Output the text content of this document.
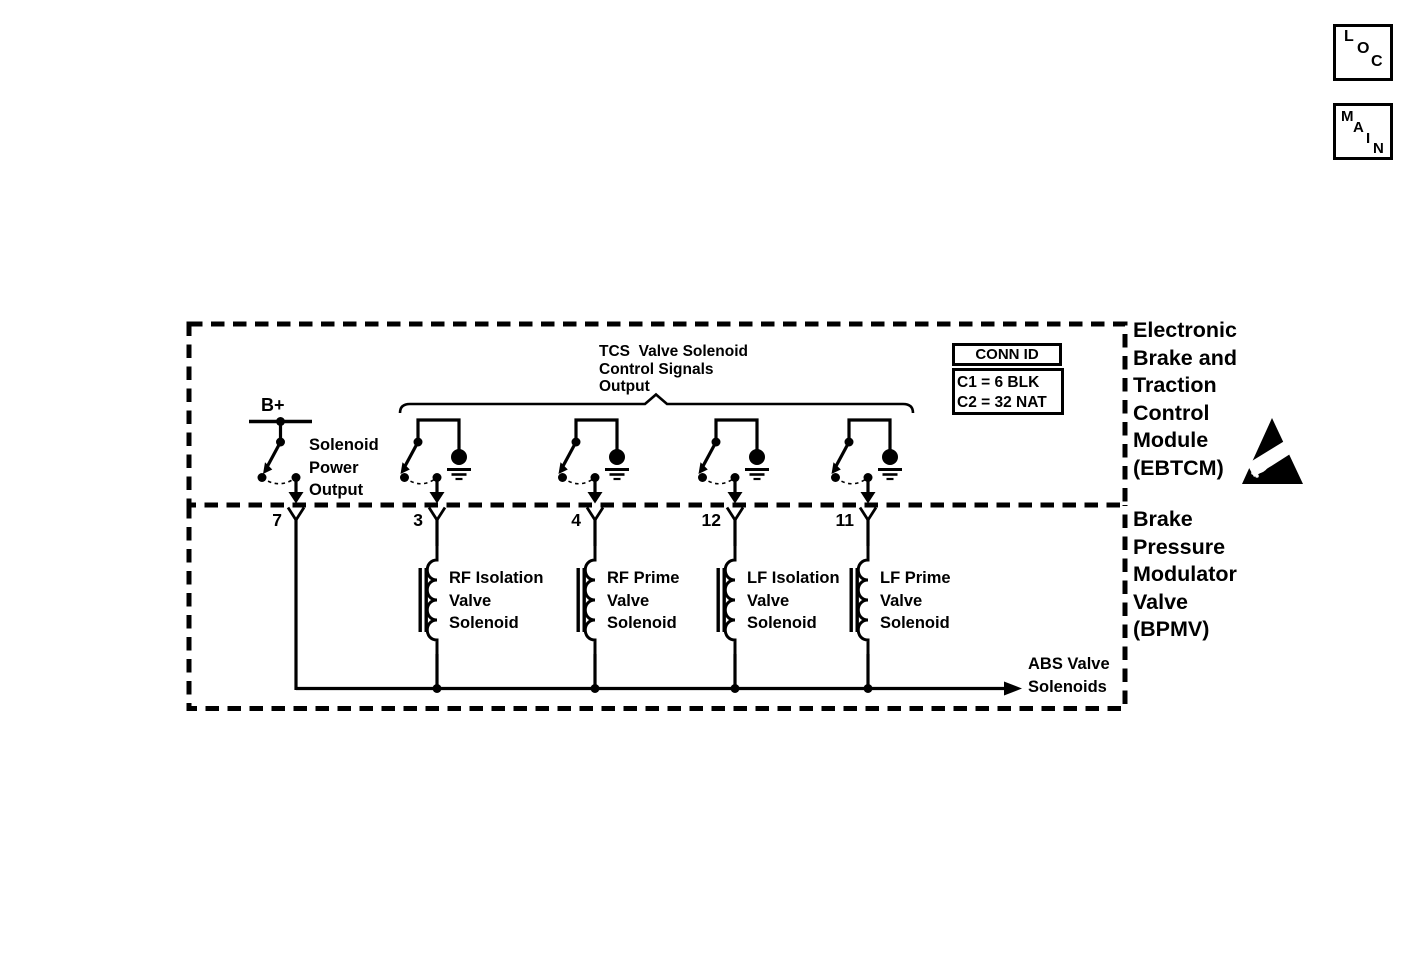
L
O
C
M
A
I
N
B+
Solenoid
Power
Output
TCS  Valve Solenoid
Control Signals
Output
CONN ID
C1 = 6 BLK
C2 = 32 NAT
7	3	4	12	11
RF Isolation
Valve
Solenoid
RF Prime
Valve
Solenoid
LF Isolation
Valve
Solenoid
LF Prime
Valve
Solenoid
ABS Valve
Solenoids
Electronic
Brake and
Traction
Control
Module
(EBTCM)
Brake
Pressure
Modulator
Valve
(BPMV)
